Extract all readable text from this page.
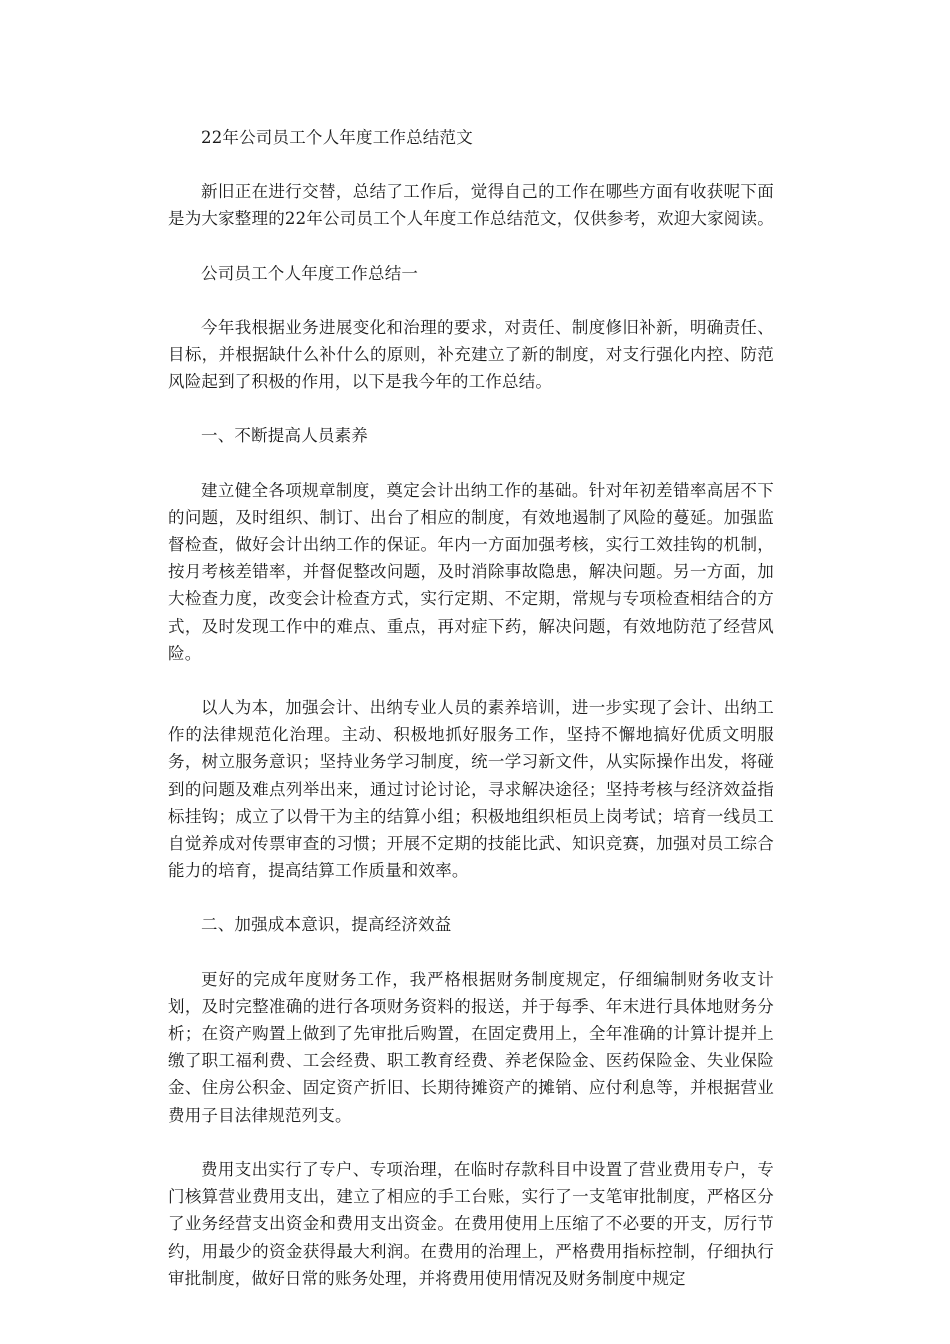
22年公司员工个人年度工作总结范文

新旧正在进行交替，总结了工作后，觉得自己的工作在哪些方面有收获呢下面是为大家整理的22年公司员工个人年度工作总结范文，仅供参考，欢迎大家阅读。

公司员工个人年度工作总结一

今年我根据业务进展变化和治理的要求，对责任、制度修旧补新，明确责任、目标，并根据缺什么补什么的原则，补充建立了新的制度，对支行强化内控、防范风险起到了积极的作用，以下是我今年的工作总结。

一、不断提高人员素养

建立健全各项规章制度，奠定会计出纳工作的基础。针对年初差错率高居不下的问题，及时组织、制订、出台了相应的制度，有效地遏制了风险的蔓延。加强监督检查，做好会计出纳工作的保证。年内一方面加强考核，实行工效挂钩的机制，按月考核差错率，并督促整改问题，及时消除事故隐患，解决问题。另一方面，加大检查力度，改变会计检查方式，实行定期、不定期，常规与专项检查相结合的方式，及时发现工作中的难点、重点，再对症下药，解决问题，有效地防范了经营风险。

以人为本，加强会计、出纳专业人员的素养培训，进一步实现了会计、出纳工作的法律规范化治理。主动、积极地抓好服务工作，坚持不懈地搞好优质文明服务，树立服务意识；坚持业务学习制度，统一学习新文件，从实际操作出发，将碰到的问题及难点列举出来，通过讨论讨论，寻求解决途径；坚持考核与经济效益指标挂钩；成立了以骨干为主的结算小组；积极地组织柜员上岗考试；培育一线员工自觉养成对传票审查的习惯；开展不定期的技能比武、知识竞赛，加强对员工综合能力的培育，提高结算工作质量和效率。

二、加强成本意识，提高经济效益

更好的完成年度财务工作，我严格根据财务制度规定，仔细编制财务收支计划，及时完整准确的进行各项财务资料的报送，并于每季、年末进行具体地财务分析；在资产购置上做到了先审批后购置，在固定费用上，全年准确的计算计提并上缴了职工福利费、工会经费、职工教育经费、养老保险金、医药保险金、失业保险金、住房公积金、固定资产折旧、长期待摊资产的摊销、应付利息等，并根据营业费用子目法律规范列支。

费用支出实行了专户、专项治理，在临时存款科目中设置了营业费用专户，专门核算营业费用支出，建立了相应的手工台账，实行了一支笔审批制度，严格区分了业务经营支出资金和费用支出资金。在费用使用上压缩了不必要的开支，厉行节约，用最少的资金获得最大利润。在费用的治理上，严格费用指标控制，仔细执行审批制度，做好日常的账务处理，并将费用使用情况及财务制度中规定
